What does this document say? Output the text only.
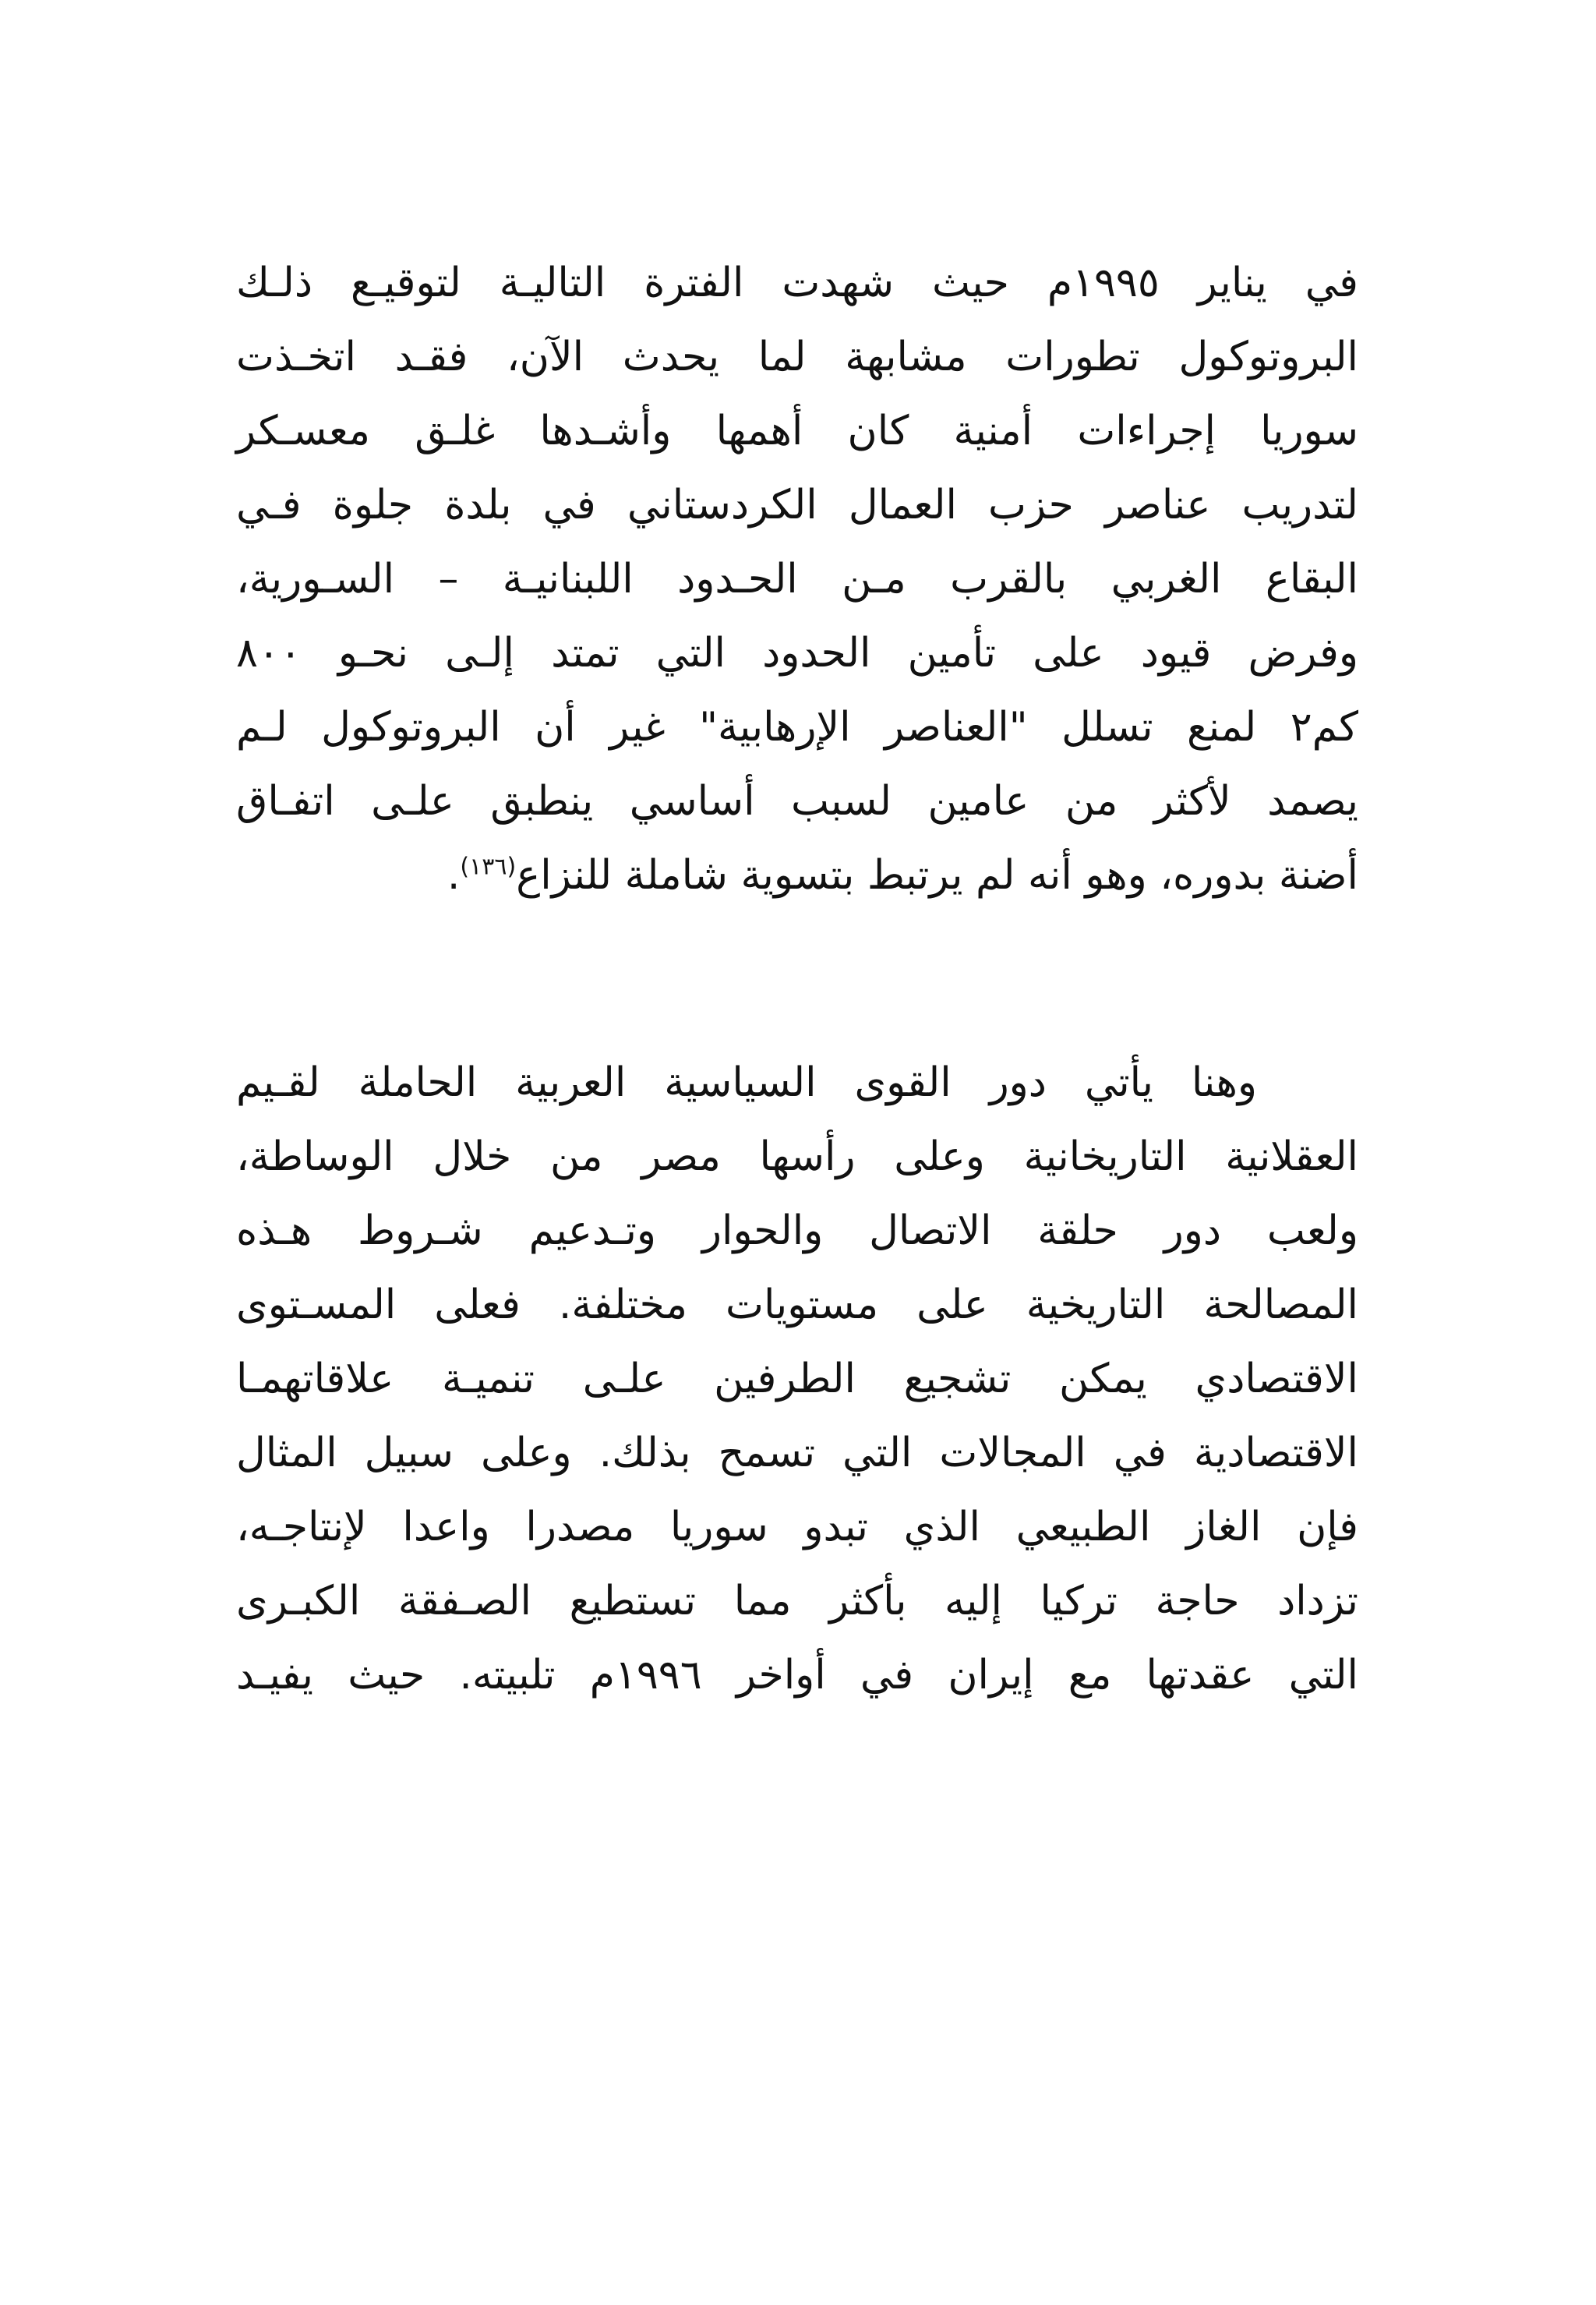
في يناير ١٩٩٥م حيث شهدت الفترة التاليـة لتوقيـع ذلـك
البروتوكول تطورات مشابهة لما يحدث الآن، فقـد اتخـذت
سوريا إجراءات أمنية كان أهمها وأشـدها غلـق معسـكر
لتدريب عناصر حزب العمال الكردستاني في بلدة جلوة فـي
البقاع الغربي بالقرب مـن الحـدود اللبنانيـة – السـورية،
وفرض قيود على تأمين الحدود التي تمتد إلـى نحـو ٨٠٠
كم٢ لمنع تسلل "العناصر الإرهابية" غير أن البروتوكول لـم
يصمد لأكثر من عامين لسبب أساسي ينطبق علـى اتفـاق
أضنة بدوره، وهو أنه لم يرتبط بتسوية شاملة للنزاع$^{(١٣٦)}$.
وهنا يأتي دور القوى السياسية العربية الحاملة لقـيم
العقلانية التاريخانية وعلى رأسها مصر من خلال الوساطة،
ولعب دور حلقة الاتصال والحوار وتـدعيم شـروط هـذه
المصالحة التاريخية على مستويات مختلفة. فعلى المسـتوى
الاقتصادي يمكن تشجيع الطرفين علـى تنميـة علاقاتهمـا
الاقتصادية في المجالات التي تسمح بذلك. وعلى سبيل المثال
فإن الغاز الطبيعي الذي تبدو سوريا مصدرا واعدا لإنتاجـه،
تزداد حاجة تركيا إليه بأكثر مما تستطيع الصـفقة الكبـرى
التي عقدتها مع إيران في أواخر ١٩٩٦م تلبيته. حيث يفيـد
